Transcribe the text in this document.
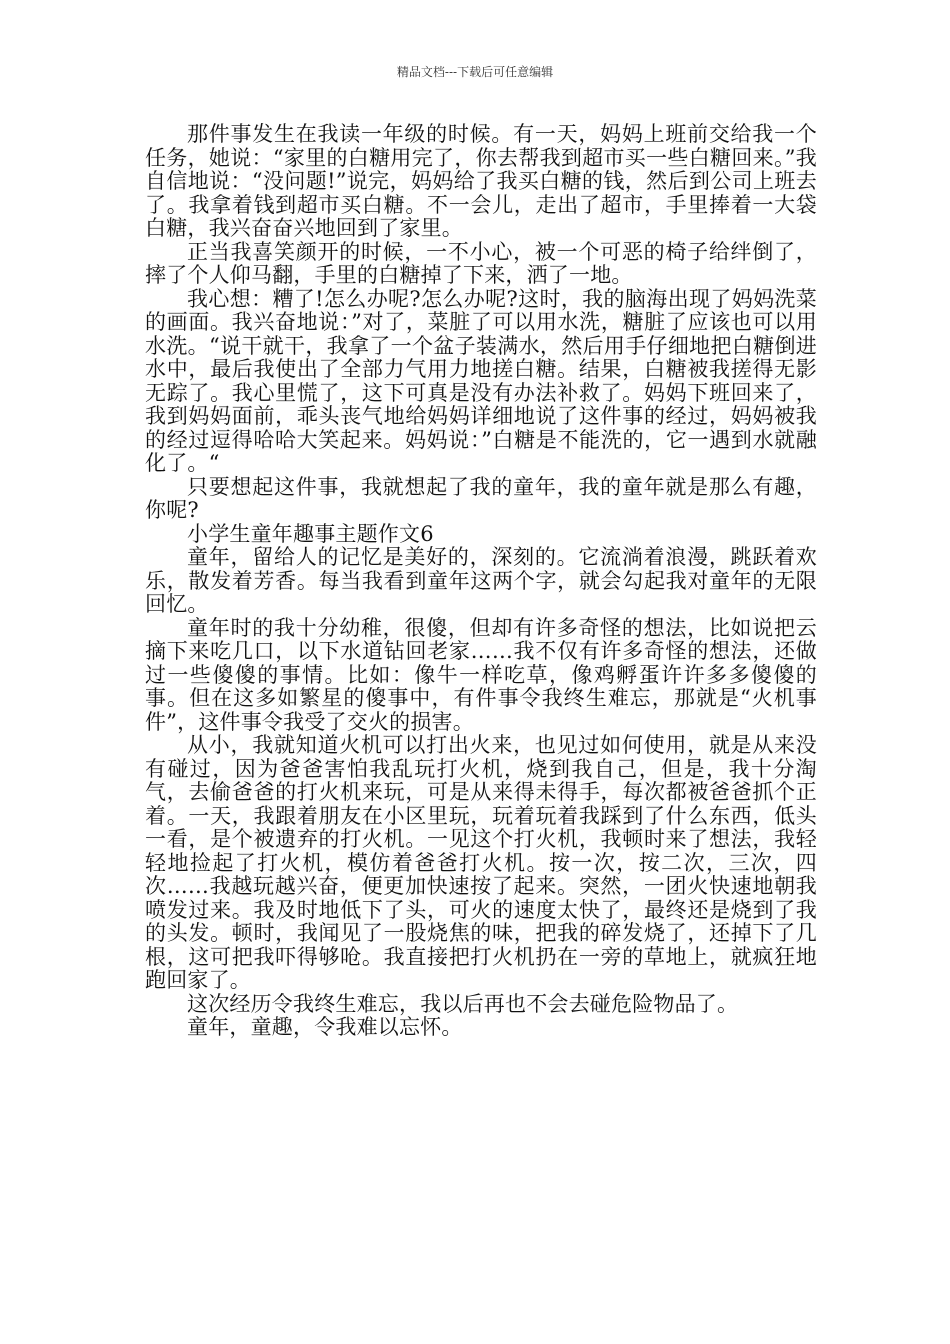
精品文档---下载后可任意编辑

那件事发生在我读一年级的时候。有一天，妈妈上班前交给我一个任务，她说：“家里的白糖用完了，你去帮我到超市买一些白糖回来。”我自信地说：“没问题!”说完，妈妈给了我买白糖的钱，然后到公司上班去了。我拿着钱到超市买白糖。不一会儿，走出了超市，手里捧着一大袋白糖，我兴奋奋兴地回到了家里。

正当我喜笑颜开的时候，一不小心，被一个可恶的椅子给绊倒了，摔了个人仰马翻，手里的白糖掉了下来，洒了一地。

我心想：糟了!怎么办呢?怎么办呢?这时，我的脑海出现了妈妈洗菜的画面。我兴奋地说：”对了，菜脏了可以用水洗，糖脏了应该也可以用水洗。“说干就干，我拿了一个盆子装满水，然后用手仔细地把白糖倒进水中，最后我使出了全部力气用力地搓白糖。结果，白糖被我搓得无影无踪了。我心里慌了，这下可真是没有办法补救了。妈妈下班回来了，我到妈妈面前，乖头丧气地给妈妈详细地说了这件事的经过，妈妈被我的经过逗得哈哈大笑起来。妈妈说：”白糖是不能洗的，它一遇到水就融化了。“

只要想起这件事，我就想起了我的童年，我的童年就是那么有趣，你呢?

小学生童年趣事主题作文6

童年，留给人的记忆是美好的，深刻的。它流淌着浪漫，跳跃着欢乐，散发着芳香。每当我看到童年这两个字，就会勾起我对童年的无限回忆。

童年时的我十分幼稚，很傻，但却有许多奇怪的想法，比如说把云摘下来吃几口，以下水道钻回老家……我不仅有许多奇怪的想法，还做过一些傻傻的事情。比如：像牛一样吃草，像鸡孵蛋许许多多傻傻的事。但在这多如繁星的傻事中，有件事令我终生难忘，那就是“火机事件”，这件事令我受了交火的损害。

从小，我就知道火机可以打出火来，也见过如何使用，就是从来没有碰过，因为爸爸害怕我乱玩打火机，烧到我自己，但是，我十分淘气，去偷爸爸的打火机来玩，可是从来得未得手，每次都被爸爸抓个正着。一天，我跟着朋友在小区里玩，玩着玩着我踩到了什么东西，低头一看，是个被遗弃的打火机。一见这个打火机，我顿时来了想法，我轻轻地捡起了打火机，模仿着爸爸打火机。按一次，按二次，三次，四次……我越玩越兴奋，便更加快速按了起来。突然，一团火快速地朝我喷发过来。我及时地低下了头，可火的速度太快了，最终还是烧到了我的头发。顿时，我闻见了一股烧焦的味，把我的碎发烧了，还掉下了几根，这可把我吓得够呛。我直接把打火机扔在一旁的草地上，就疯狂地跑回家了。

这次经历令我终生难忘，我以后再也不会去碰危险物品了。

童年，童趣，令我难以忘怀。
